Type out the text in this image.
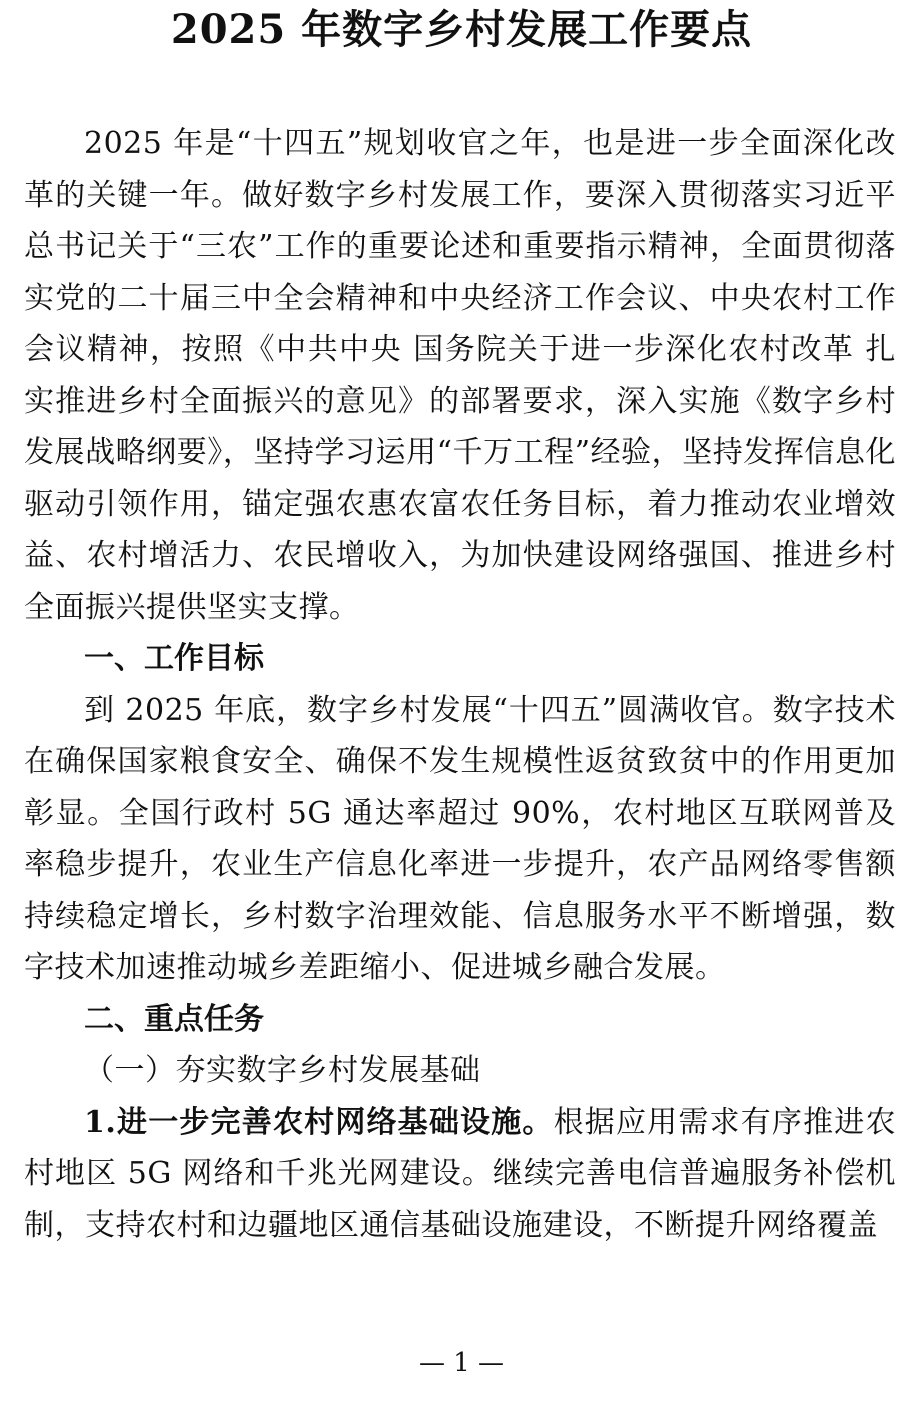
2025 年数字乡村发展工作要点

2025 年是“十四五”规划收官之年，也是进一步全面深化改革的关键一年。做好数字乡村发展工作，要深入贯彻落实习近平总书记关于“三农”工作的重要论述和重要指示精神，全面贯彻落实党的二十届三中全会精神和中央经济工作会议、中央农村工作会议精神，按照《中共中央 国务院关于进一步深化农村改革 扎实推进乡村全面振兴的意见》的部署要求，深入实施《数字乡村发展战略纲要》，坚持学习运用“千万工程”经验，坚持发挥信息化驱动引领作用，锚定强农惠农富农任务目标，着力推动农业增效益、农村增活力、农民增收入，为加快建设网络强国、推进乡村全面振兴提供坚实支撑。

一、工作目标

到 2025 年底，数字乡村发展“十四五”圆满收官。数字技术在确保国家粮食安全、确保不发生规模性返贫致贫中的作用更加彰显。全国行政村 5G 通达率超过 90%，农村地区互联网普及率稳步提升，农业生产信息化率进一步提升，农产品网络零售额持续稳定增长，乡村数字治理效能、信息服务水平不断增强，数字技术加速推动城乡差距缩小、促进城乡融合发展。

二、重点任务

（一）夯实数字乡村发展基础

1.进一步完善农村网络基础设施。根据应用需求有序推进农村地区 5G 网络和千兆光网建设。继续完善电信普遍服务补偿机制，支持农村和边疆地区通信基础设施建设，不断提升网络覆盖

— 1 —
